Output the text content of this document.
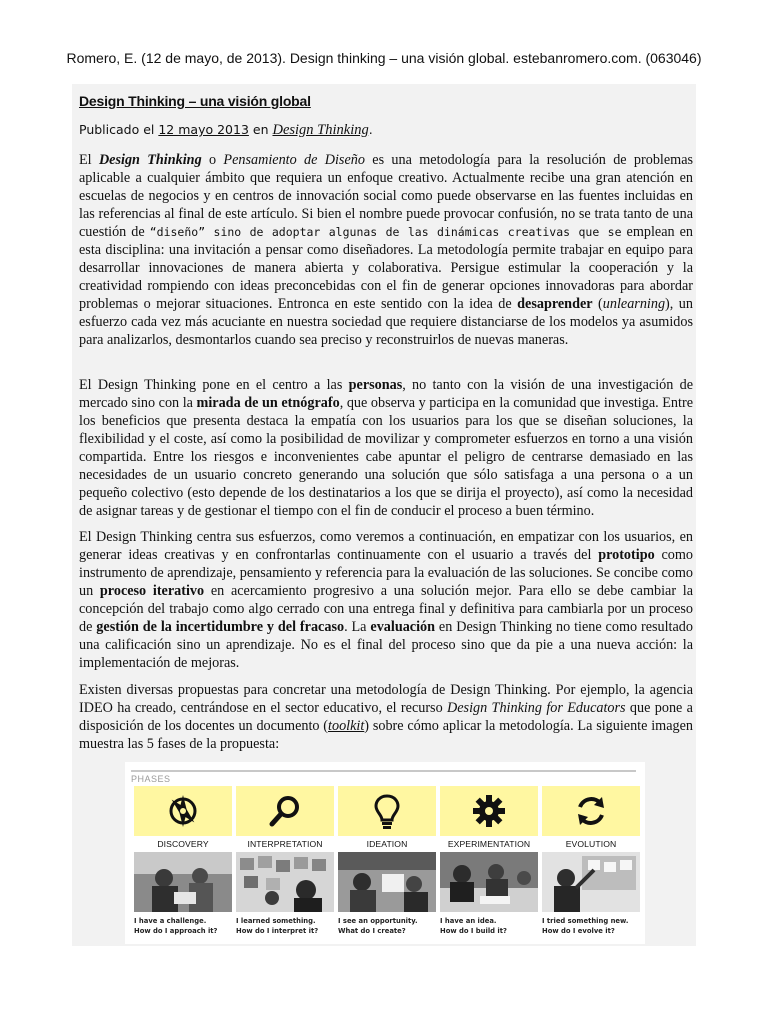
Romero, E. (12 de mayo, de 2013). Design thinking – una visión global. estebanromero.com. (063046)
Design Thinking – una visión global
Publicado el 12 mayo 2013 en Design Thinking.

El Design Thinking o Pensamiento de Diseño es una metodología para la resolución de problemas aplicable a cualquier ámbito que requiera un enfoque creativo. Actualmente recibe una gran atención en escuelas de negocios y en centros de innovación social como puede observarse en las fuentes incluidas en las referencias al final de este artículo. Si bien el nombre puede provocar confusión, no se trata tanto de una cuestión de “diseño” sino de adoptar algunas de las dinámicas creativas que se emplean en esta disciplina: una invitación a pensar como diseñadores. La metodología permite trabajar en equipo para desarrollar innovaciones de manera abierta y colaborativa. Persigue estimular la cooperación y la creatividad rompiendo con ideas preconcebidas con el fin de generar opciones innovadoras para abordar problemas o mejorar situaciones. Entronca en este sentido con la idea de desaprender (unlearning), un esfuerzo cada vez más acuciante en nuestra sociedad que requiere distanciarse de los modelos ya asumidos para analizarlos, desmontarlos cuando sea preciso y reconstruirlos de nuevas maneras.

El Design Thinking pone en el centro a las personas, no tanto con la visión de una investigación de mercado sino con la mirada de un etnógrafo, que observa y participa en la comunidad que investiga. Entre los beneficios que presenta destaca la empatía con los usuarios para los que se diseñan soluciones, la flexibilidad y el coste, así como la posibilidad de movilizar y comprometer esfuerzos en torno a una visión compartida. Entre los riesgos e inconvenientes cabe apuntar el peligro de centrarse demasiado en las necesidades de un usuario concreto generando una solución que sólo satisfaga a una persona o a un pequeño colectivo (esto depende de los destinatarios a los que se dirija el proyecto), así como la necesidad de asignar tareas y de gestionar el tiempo con el fin de conducir el proceso a buen término.

El Design Thinking centra sus esfuerzos, como veremos a continuación, en empatizar con los usuarios, en generar ideas creativas y en confrontarlas continuamente con el usuario a través del prototipo como instrumento de aprendizaje, pensamiento y referencia para la evaluación de las soluciones. Se concibe como un proceso iterativo en acercamiento progresivo a una solución mejor. Para ello se debe cambiar la concepción del trabajo como algo cerrado con una entrega final y definitiva para cambiarla por un proceso de gestión de la incertidumbre y del fracaso. La evaluación en Design Thinking no tiene como resultado una calificación sino un aprendizaje. No es el final del proceso sino que da pie a una nueva acción: la implementación de mejoras.

Existen diversas propuestas para concretar una metodología de Design Thinking. Por ejemplo, la agencia IDEO ha creado, centrándose en el sector educativo, el recurso Design Thinking for Educators que pone a disposición de los docentes un documento (toolkit) sobre cómo aplicar la metodología. La siguiente imagen muestra las 5 fases de la propuesta:

PHASES
DISCOVERY
I have a challenge.
How do I approach it?
INTERPRETATION
I learned something.
How do I interpret it?
IDEATION
I see an opportunity.
What do I create?
EXPERIMENTATION
I have an idea.
How do I build it?
EVOLUTION
I tried something new.
How do I evolve it?
